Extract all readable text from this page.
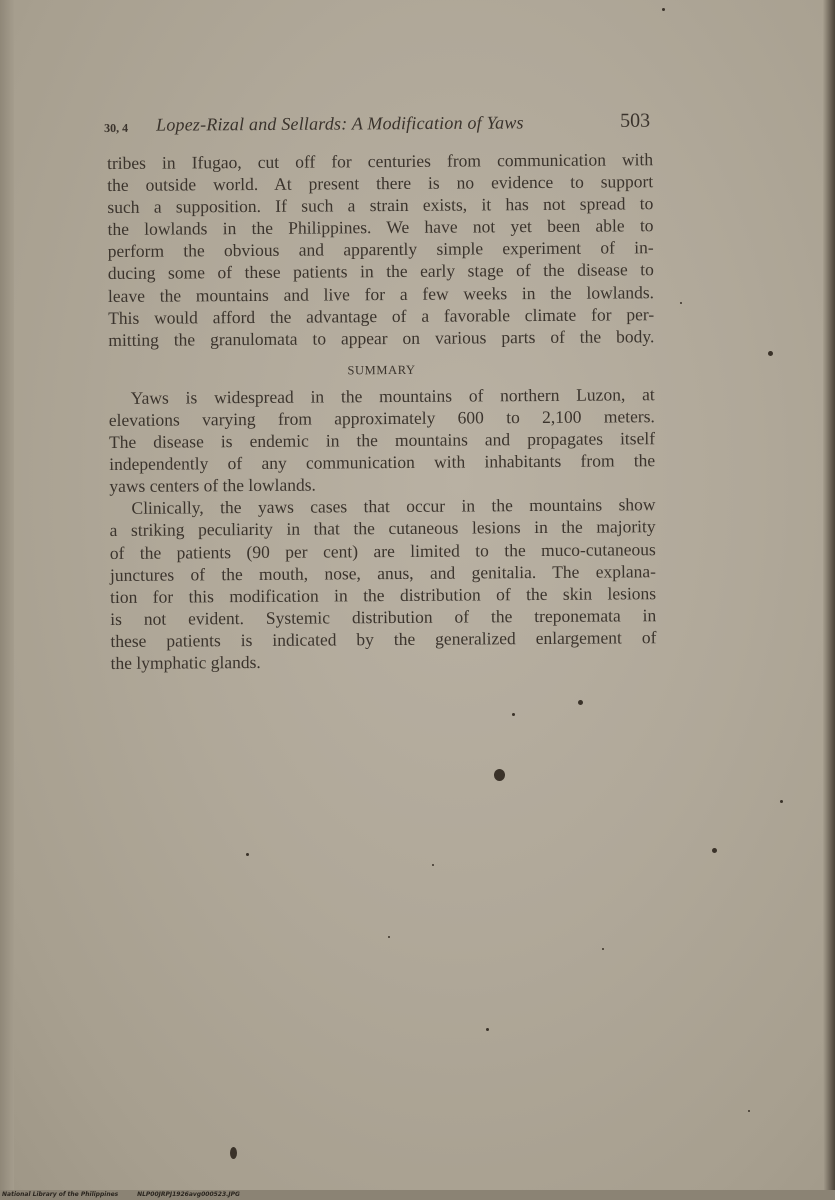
30, 4 Lopez-Rizal and Sellards: A Modification of Yaws	503
tribes in Ifugao, cut off for centuries from communication with
the outside world. At present there is no evidence to support
such a supposition. If such a strain exists, it has not spread to
the lowlands in the Philippines. We have not yet been able to
perform the obvious and apparently simple experiment of in-
ducing some of these patients in the early stage of the disease to
leave the mountains and live for a few weeks in the lowlands.
This would afford the advantage of a favorable climate for per-
mitting the granulomata to appear on various parts of the body.
SUMMARY
Yaws is widespread in the mountains of northern Luzon, at
elevations varying from approximately 600 to 2,100 meters.
The disease is endemic in the mountains and propagates itself
independently of any communication with inhabitants from the
yaws centers of the lowlands.
Clinically, the yaws cases that occur in the mountains show
a striking peculiarity in that the cutaneous lesions in the majority
of the patients (90 per cent) are limited to the muco-cutaneous
junctures of the mouth, nose, anus, and genitalia. The explana-
tion for this modification in the distribution of the skin lesions
is not evident. Systemic distribution of the treponemata in
these patients is indicated by the generalized enlargement of
the lymphatic glands.
National Library of the Philippines	NLP00JRPJ1926avg000523.JPG
